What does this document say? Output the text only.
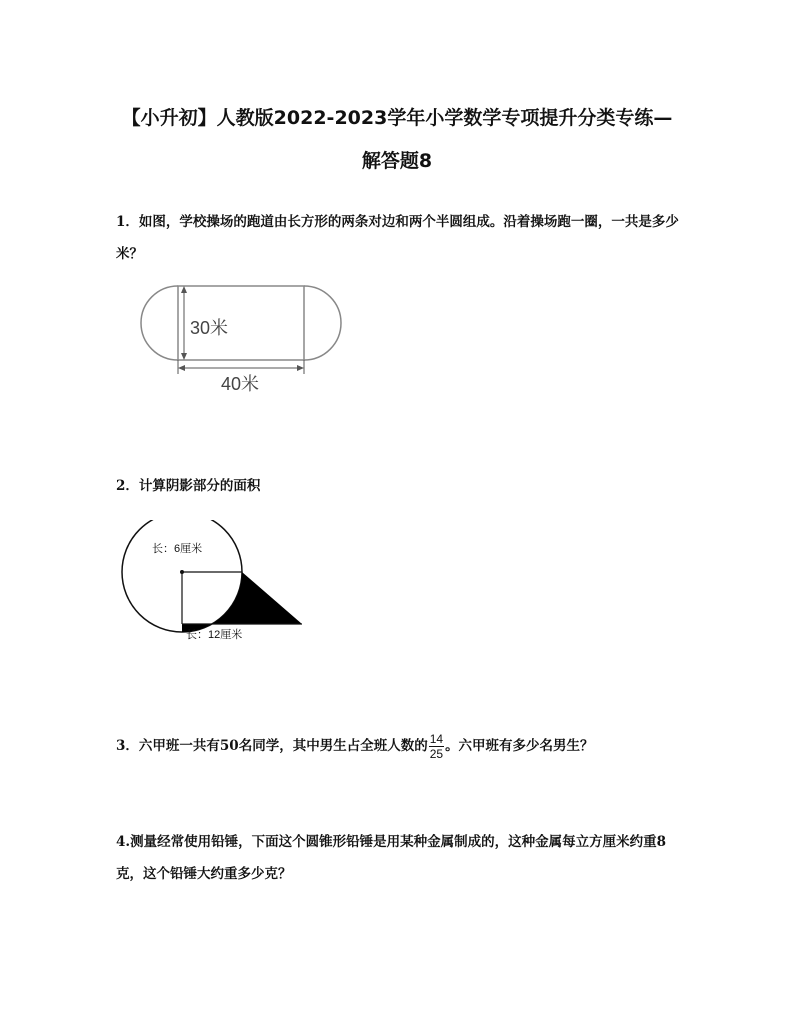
【小升初】人教版2022-2023学年小学数学专项提升分类专练—
解答题8
1．如图，学校操场的跑道由长方形的两条对边和两个半圆组成。沿着操场跑一圈，一共是多少米？
30米
40米
2．计算阴影部分的面积
长：6厘米
长：12厘米
3．六甲班一共有50名同学，其中男生占全班人数的 $\frac{14}{25}$ 。六甲班有多少名男生？
4.测量经常使用铅锤，下面这个圆锥形铅锤是用某种金属制成的，这种金属每立方厘米约重8克，这个铅锤大约重多少克？
